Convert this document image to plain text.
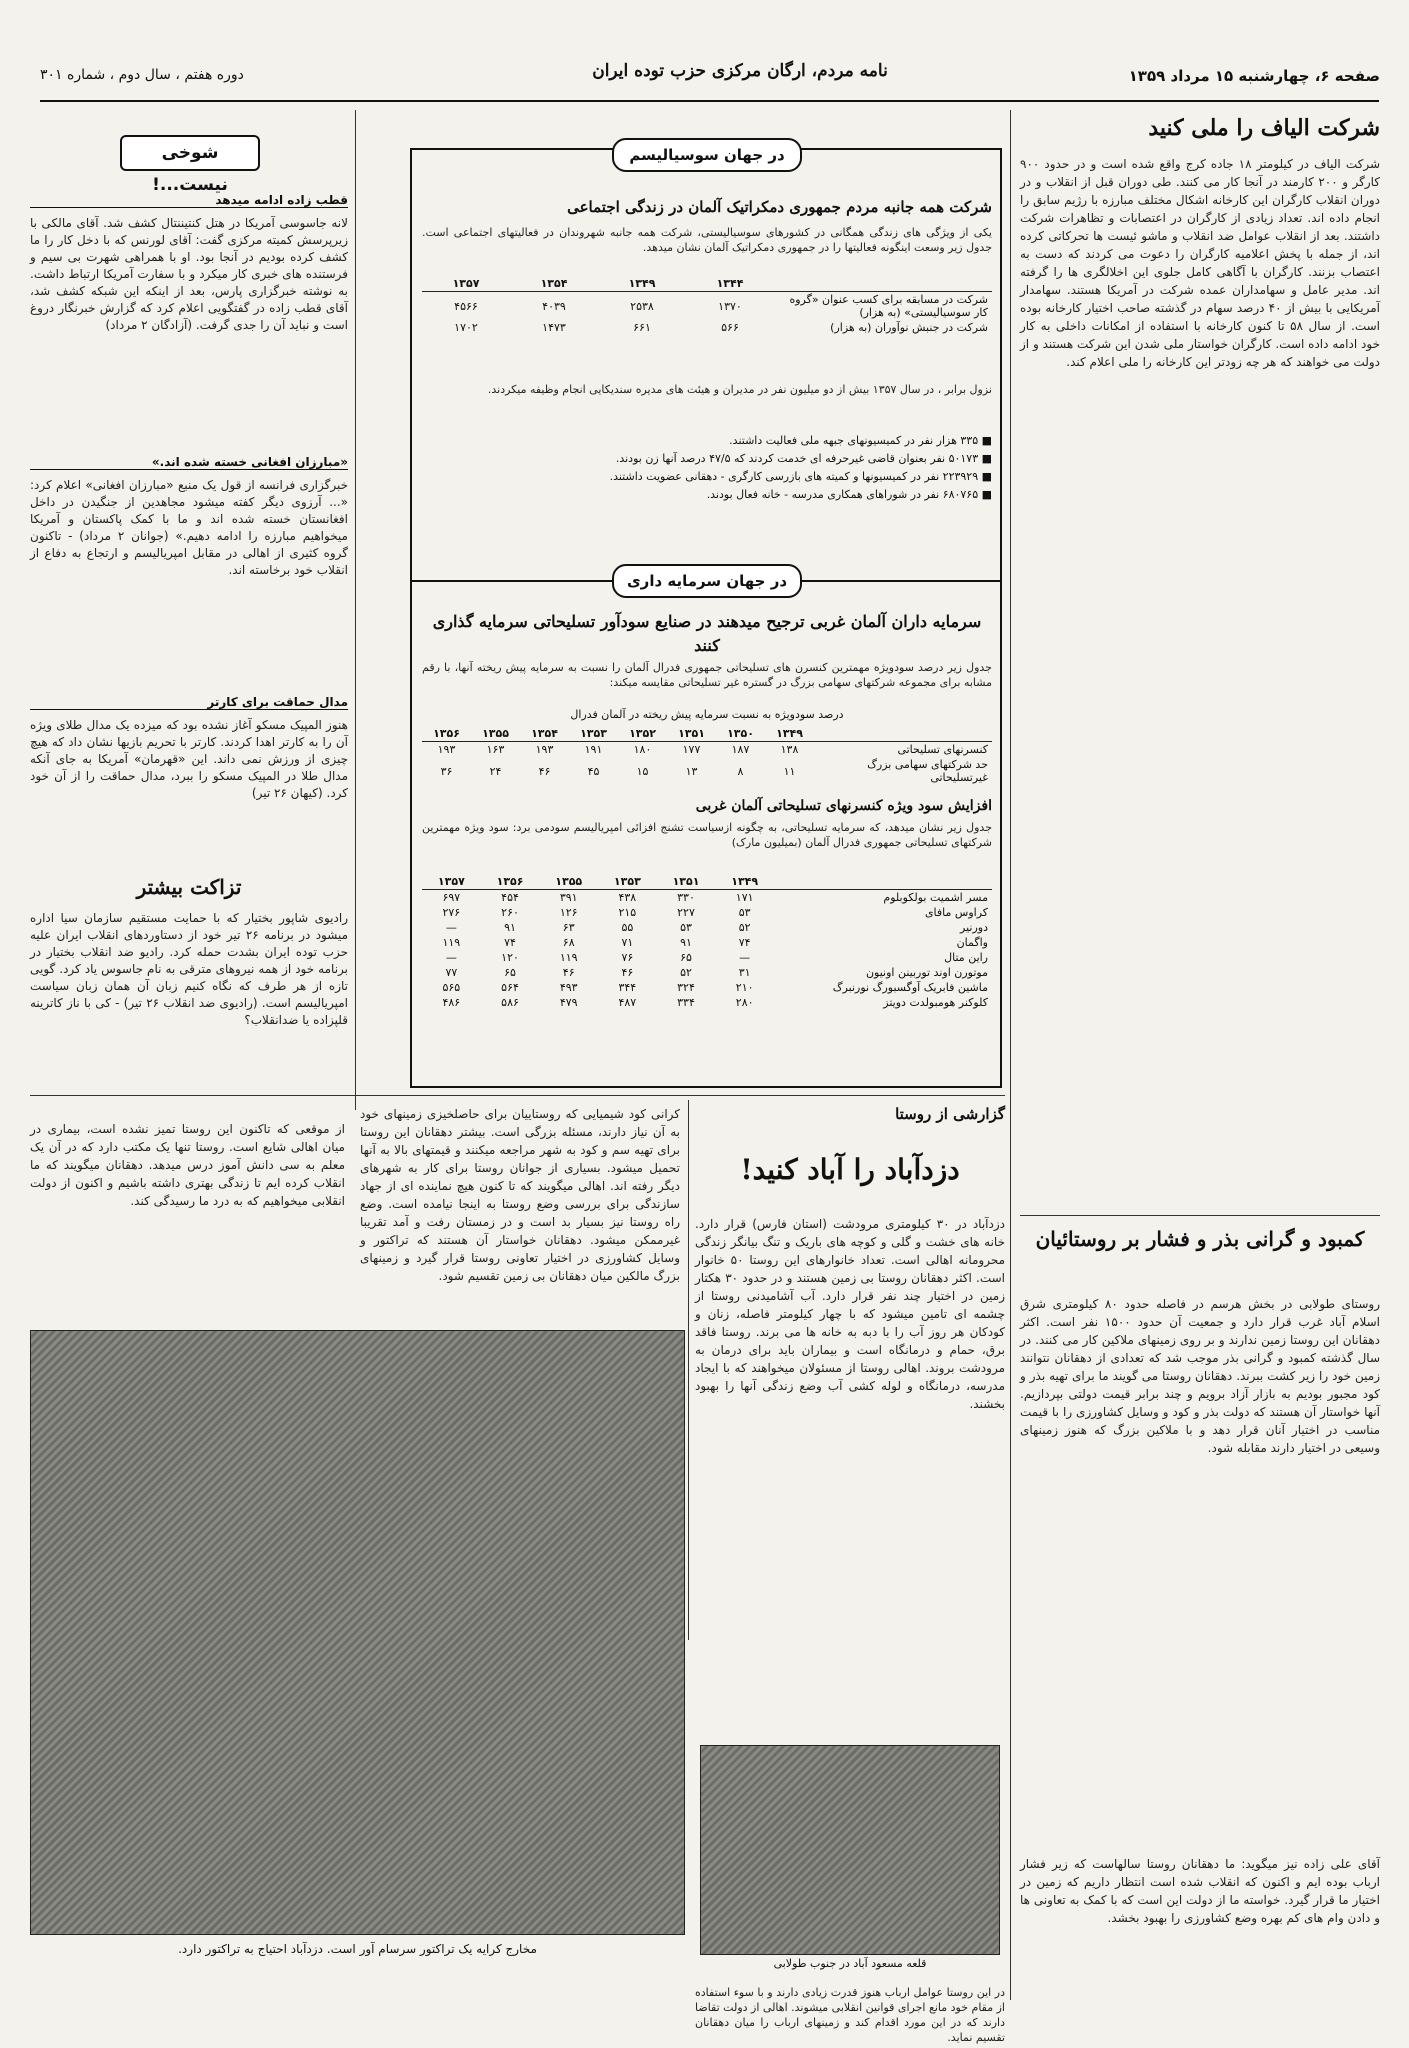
صفحه ۶، چهارشنبه ۱۵ مرداد ۱۳۵۹
نامه مردم، ارگان مرکزی حزب توده ایران
دوره هفتم ، سال دوم ، شماره ۳۰۱
شرکت الیاف را ملی کنید
شرکت الیاف در کیلومتر ۱۸ جاده کرج واقع شده است و در حدود ۹۰۰ کارگر و ۲۰۰ کارمند در آنجا کار می کنند. طی دوران قبل از انقلاب و در دوران انقلاب کارگران این کارخانه اشکال مختلف مبارزه با رژیم سابق را انجام داده اند. تعداد زیادی از کارگران در اعتصابات و تظاهرات شرکت داشتند. بعد از انقلاب عوامل ضد انقلاب و ماشو ئیست ها تحرکاتی کرده اند، از جمله با پخش اعلامیه کارگران را دعوت می کردند که دست به اعتصاب بزنند. کارگران با آگاهی کامل جلوی این اخلالگری ها را گرفته اند. مدیر عامل و سهامداران عمده شرکت در آمریکا هستند. سهامدار آمریکایی با بیش از ۴۰ درصد سهام در گذشته صاحب اختیار کارخانه بوده است. از سال ۵۸ تا کنون کارخانه با استفاده از امکانات داخلی به کار خود ادامه داده است. کارگران خواستار ملی شدن این شرکت هستند و از دولت می خواهند که هر چه زودتر این کارخانه را ملی اعلام کند.
کمبود و گرانی بذر و فشار بر روستائیان
روستای طولابی در بخش هرسم در فاصله حدود ۸۰ کیلومتری شرق اسلام آباد غرب قرار دارد و جمعیت آن حدود ۱۵۰۰ نفر است. اکثر دهقانان این روستا زمین ندارند و بر روی زمینهای ملاکین کار می کنند. در سال گذشته کمبود و گرانی بذر موجب شد که تعدادی از دهقانان نتوانند زمین خود را زیر کشت ببرند. دهقانان روستا می گویند ما برای تهیه بذر و کود مجبور بودیم به بازار آزاد برویم و چند برابر قیمت دولتی بپردازیم. آنها خواستار آن هستند که دولت بذر و کود و وسایل کشاورزی را با قیمت مناسب در اختیار آنان قرار دهد و با ملاکین بزرگ که هنوز زمینهای وسیعی در اختیار دارند مقابله شود.
آقای علی زاده نیز میگوید: ما دهقانان روستا سالهاست که زیر فشار ارباب بوده ایم و اکنون که انقلاب شده است انتظار داریم که زمین در اختیار ما قرار گیرد. خواسته ما از دولت این است که با کمک به تعاونی ها و دادن وام های کم بهره وضع کشاورزی را بهبود بخشد.
در جهان سوسیالیسم
شرکت همه جانبه مردم جمهوری دمکراتیک آلمان در زندگی اجتماعی
یکی از ویژگی های زندگی همگانی در کشورهای سوسیالیستی، شرکت همه جانبه شهروندان در فعالیتهای اجتماعی است. جدول زیر وسعت اینگونه فعالیتها را در جمهوری دمکراتیک آلمان نشان میدهد.
	۱۳۴۴	۱۳۴۹	۱۳۵۴	۱۳۵۷
شرکت در مسابقه برای کسب عنوان «گروه کار سوسیالیستی» (به هزار)	۱۳۷۰	۲۵۳۸	۴۰۳۹	۴۵۶۶
شرکت در جنبش نوآوران (به هزار)	۵۶۶	۶۶۱	۱۴۷۳	۱۷۰۲
نزول برابر ، در سال ۱۳۵۷ بیش از دو میلیون نفر در مدیران و هیئت های مدیره سندیکایی انجام وظیفه میکردند.
■ ۳۳۵ هزار نفر در کمیسیونهای جبهه ملی فعالیت داشتند.
■ ۵۰۱۷۳ نفر بعنوان قاضی غیرحرفه ای خدمت کردند که ۴۷/۵ درصد آنها زن بودند.
■ ۲۲۳۹۲۹ نفر در کمیسیونها و کمیته های بازرسی کارگری - دهقانی عضویت داشتند.
■ ۶۸۰۷۶۵ نفر در شوراهای همکاری مدرسه - خانه فعال بودند.
در جهان سرمایه داری
سرمایه داران آلمان غربی ترجیح میدهند در صنایع سودآور تسلیحاتی سرمایه گذاری کنند
جدول زیر درصد سودویژه مهمترین کنسرن های تسلیحاتی جمهوری فدرال آلمان را نسبت به سرمایه پیش ریخته آنها، با رقم مشابه برای مجموعه شرکتهای سهامی بزرگ در گستره غیر تسلیحاتی مقایسه میکند:
درصد سودویژه به نسبت سرمایه پیش ریخته در آلمان فدرال
	۱۳۴۹	۱۳۵۰	۱۳۵۱	۱۳۵۲	۱۳۵۳	۱۳۵۴	۱۳۵۵	۱۳۵۶
کنسرنهای تسلیحاتی	۱۳۸	۱۸۷	۱۷۷	۱۸۰	۱۹۱	۱۹۳	۱۶۳	۱۹۳
حد شرکتهای سهامی بزرگ غیرتسلیحاتی	۱۱	۸	۱۳	۱۵	۴۵	۴۶	۲۴	۳۶
افزایش سود ویژه کنسرنهای تسلیحاتی آلمان غربی
جدول زیر نشان میدهد، که سرمایه تسلیحاتی، به چگونه ازسیاست تشنج افزائی امپریالیسم سودمی برد: سود ویژه مهمترین شرکتهای تسلیحاتی جمهوری فدرال آلمان (بمیلیون مارک)
	۱۳۴۹	۱۳۵۱	۱۳۵۳	۱۳۵۵	۱۳۵۶	۱۳۵۷
مسر اشمیت بولکوبلوم	۱۷۱	۳۳۰	۴۳۸	۳۹۱	۴۵۴	۶۹۷
کراوس مافای	۵۳	۲۲۷	۲۱۵	۱۲۶	۲۶۰	۲۷۶
دورنیر	۵۲	۵۳	۵۵	۶۳	۹۱	—
واگمان	۷۴	۹۱	۷۱	۶۸	۷۴	۱۱۹
راین متال	—	۶۵	۷۶	۱۱۹	۱۲۰	—
موتورن اوند توربینن اونیون	۳۱	۵۲	۴۶	۴۶	۶۵	۷۷
ماشین فابریک آوگسبورگ نورنبرگ	۲۱۰	۳۲۴	۳۴۴	۴۹۳	۵۶۴	۵۶۵
کلوکنر هومبولدت دویتز	۲۸۰	۳۳۴	۴۸۷	۴۷۹	۵۸۶	۴۸۶
شوخی نیست...!
قطب زاده ادامه میدهد
لانه جاسوسی آمریکا در هتل کنتیننتال کشف شد. آقای مالکی با زیرپرسش کمیته مرکزی گفت: آقای لورنس که با دخل کار را ما کشف کرده بودیم در آنجا بود. او با همراهی شهرت بی سیم و فرستنده های خبری کار میکرد و با سفارت آمریکا ارتباط داشت. به نوشته خبرگزاری پارس، بعد از اینکه این شبکه کشف شد، آقای قطب زاده در گفتگویی اعلام کرد که گزارش خبرنگار دروغ است و نباید آن را جدی گرفت. (آزادگان ۲ مرداد)
«مبارزان افغانی خسته شده اند.»
خبرگزاری فرانسه از قول یک منبع «مبارزان افغانی» اعلام کرد: «... آرزوی دیگر کفته میشود مجاهدین از جنگیدن در داخل افغانستان خسته شده اند و ما با کمک پاکستان و آمریکا میخواهیم مبارزه را ادامه دهیم.» (جوانان ۲ مرداد) - تاکنون گروه کثیری از اهالی در مقابل امپریالیسم و ارتجاع به دفاع از انقلاب خود برخاسته اند.
مدال حماقت برای کارتر
هنوز المپیک مسکو آغاز نشده بود که میزده یک مدال طلای ویژه آن را به کارتر اهدا کردند. کارتر با تحریم بازیها نشان داد که هیچ چیزی از ورزش نمی داند. این «قهرمان» آمریکا به جای آنکه مدال طلا در المپیک مسکو را ببرد، مدال حماقت را از آن خود کرد. (کیهان ۲۶ تیر)
تزاکت بیشتر
رادیوی شاپور بختیار که با حمایت مستقیم سازمان سیا اداره میشود در برنامه ۲۶ تیر خود از دستاوردهای انقلاب ایران علیه حزب توده ایران بشدت حمله کرد. رادیو ضد انقلاب بختیار در برنامه خود از همه نیروهای مترقی به نام جاسوس یاد کرد. گویی تازه از هر طرف که نگاه کنیم زبان آن همان زبان سیاست امپریالیسم است. (رادیوی ضد انقلاب ۲۶ تیر) - کی با ناز کاترینه قلپزاده یا ضدانقلاب؟
گزارشی از روستا
دزدآباد را آباد کنید!
دزدآباد در ۳۰ کیلومتری مرودشت (استان فارس) قرار دارد. خانه های خشت و گلی و کوچه های باریک و تنگ بیانگر زندگی محرومانه اهالی است. تعداد خانوارهای این روستا ۵۰ خانوار است. اکثر دهقانان روستا بی زمین هستند و در حدود ۳۰ هکتار زمین در اختیار چند نفر قرار دارد. آب آشامیدنی روستا از چشمه ای تامین میشود که با چهار کیلومتر فاصله، زنان و کودکان هر روز آب را با دبه به خانه ها می برند. روستا فاقد برق، حمام و درمانگاه است و بیماران باید برای درمان به مرودشت بروند. اهالی روستا از مسئولان میخواهند که با ایجاد مدرسه، درمانگاه و لوله کشی آب وضع زندگی آنها را بهبود بخشند.
قلعه مسعود آباد در جنوب طولابی
در این روستا عوامل ارباب هنوز قدرت زیادی دارند و با سوء استفاده از مقام خود مانع اجرای قوانین انقلابی میشوند. اهالی از دولت تقاضا دارند که در این مورد اقدام کند و زمینهای ارباب را میان دهقانان تقسیم نماید.
کرانی کود شیمیایی که روستاییان برای حاصلخیزی زمینهای خود به آن نیاز دارند، مسئله بزرگی است. بیشتر دهقانان این روستا برای تهیه سم و کود به شهر مراجعه میکنند و قیمتهای بالا به آنها تحمیل میشود. بسیاری از جوانان روستا برای کار به شهرهای دیگر رفته اند. اهالی میگویند که تا کنون هیچ نماینده ای از جهاد سازندگی برای بررسی وضع روستا به اینجا نیامده است. وضع راه روستا نیز بسیار بد است و در زمستان رفت و آمد تقریبا غیرممکن میشود. دهقانان خواستار آن هستند که تراکتور و وسایل کشاورزی در اختیار تعاونی روستا قرار گیرد و زمینهای بزرگ مالکین میان دهقانان بی زمین تقسیم شود.
از موقعی که تاکنون این روستا تمیز نشده است، بیماری در میان اهالی شایع است. روستا تنها یک مکتب دارد که در آن یک معلم به سی دانش آموز درس میدهد. دهقانان میگویند که ما انقلاب کرده ایم تا زندگی بهتری داشته باشیم و اکنون از دولت انقلابی میخواهیم که به درد ما رسیدگی کند.
مخارج کرایه یک تراکتور سرسام آور است. دزدآباد احتیاج به تراکتور دارد.
